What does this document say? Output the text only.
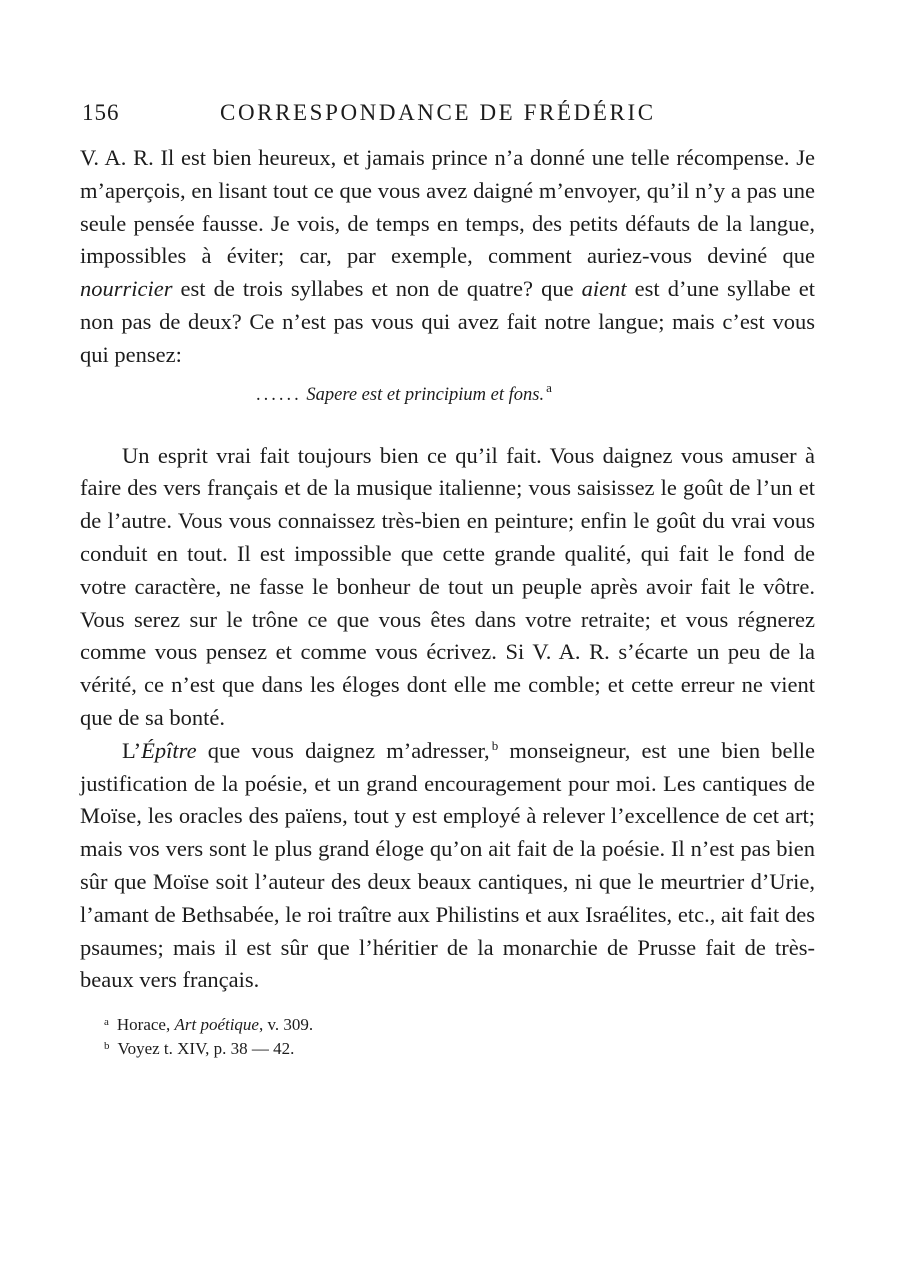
156	CORRESPONDANCE DE FRÉDÉRIC

V. A. R. Il est bien heureux, et jamais prince n’a donné une telle récompense. Je m’aperçois, en lisant tout ce que vous avez daigné m’envoyer, qu’il n’y a pas une seule pensée fausse. Je vois, de temps en temps, des petits défauts de la langue, impossibles à éviter; car, par exemple, comment auriez-vous deviné que nourricier est de trois syllabes et non de quatre? que aient est d’une syllabe et non pas de deux? Ce n’est pas vous qui avez fait notre langue; mais c’est vous qui pensez:

...... Sapere est et principium et fons. $^a$

Un esprit vrai fait toujours bien ce qu’il fait. Vous daignez vous amuser à faire des vers français et de la musique italienne; vous saisissez le goût de l’un et de l’autre. Vous vous connaissez très-bien en peinture; enfin le goût du vrai vous conduit en tout. Il est impossible que cette grande qualité, qui fait le fond de votre caractère, ne fasse le bonheur de tout un peuple après avoir fait le vôtre. Vous serez sur le trône ce que vous êtes dans votre retraite; et vous régnerez comme vous pensez et comme vous écrivez. Si V. A. R. s’écarte un peu de la vérité, ce n’est que dans les éloges dont elle me comble; et cette erreur ne vient que de sa bonté.

L’Épître que vous daignez m’adresser, $^b$ monseigneur, est une bien belle justification de la poésie, et un grand encouragement pour moi. Les cantiques de Moïse, les oracles des païens, tout y est employé à relever l’excellence de cet art; mais vos vers sont le plus grand éloge qu’on ait fait de la poésie. Il n’est pas bien sûr que Moïse soit l’auteur des deux beaux cantiques, ni que le meurtrier d’Urie, l’amant de Bethsabée, le roi traître aux Philistins et aux Israélites, etc., ait fait des psaumes; mais il est sûr que l’héritier de la monarchie de Prusse fait de très-beaux vers français.

$^a$ Horace, Art poétique, v. 309.
$^b$ Voyez t. XIV, p. 38 — 42.
